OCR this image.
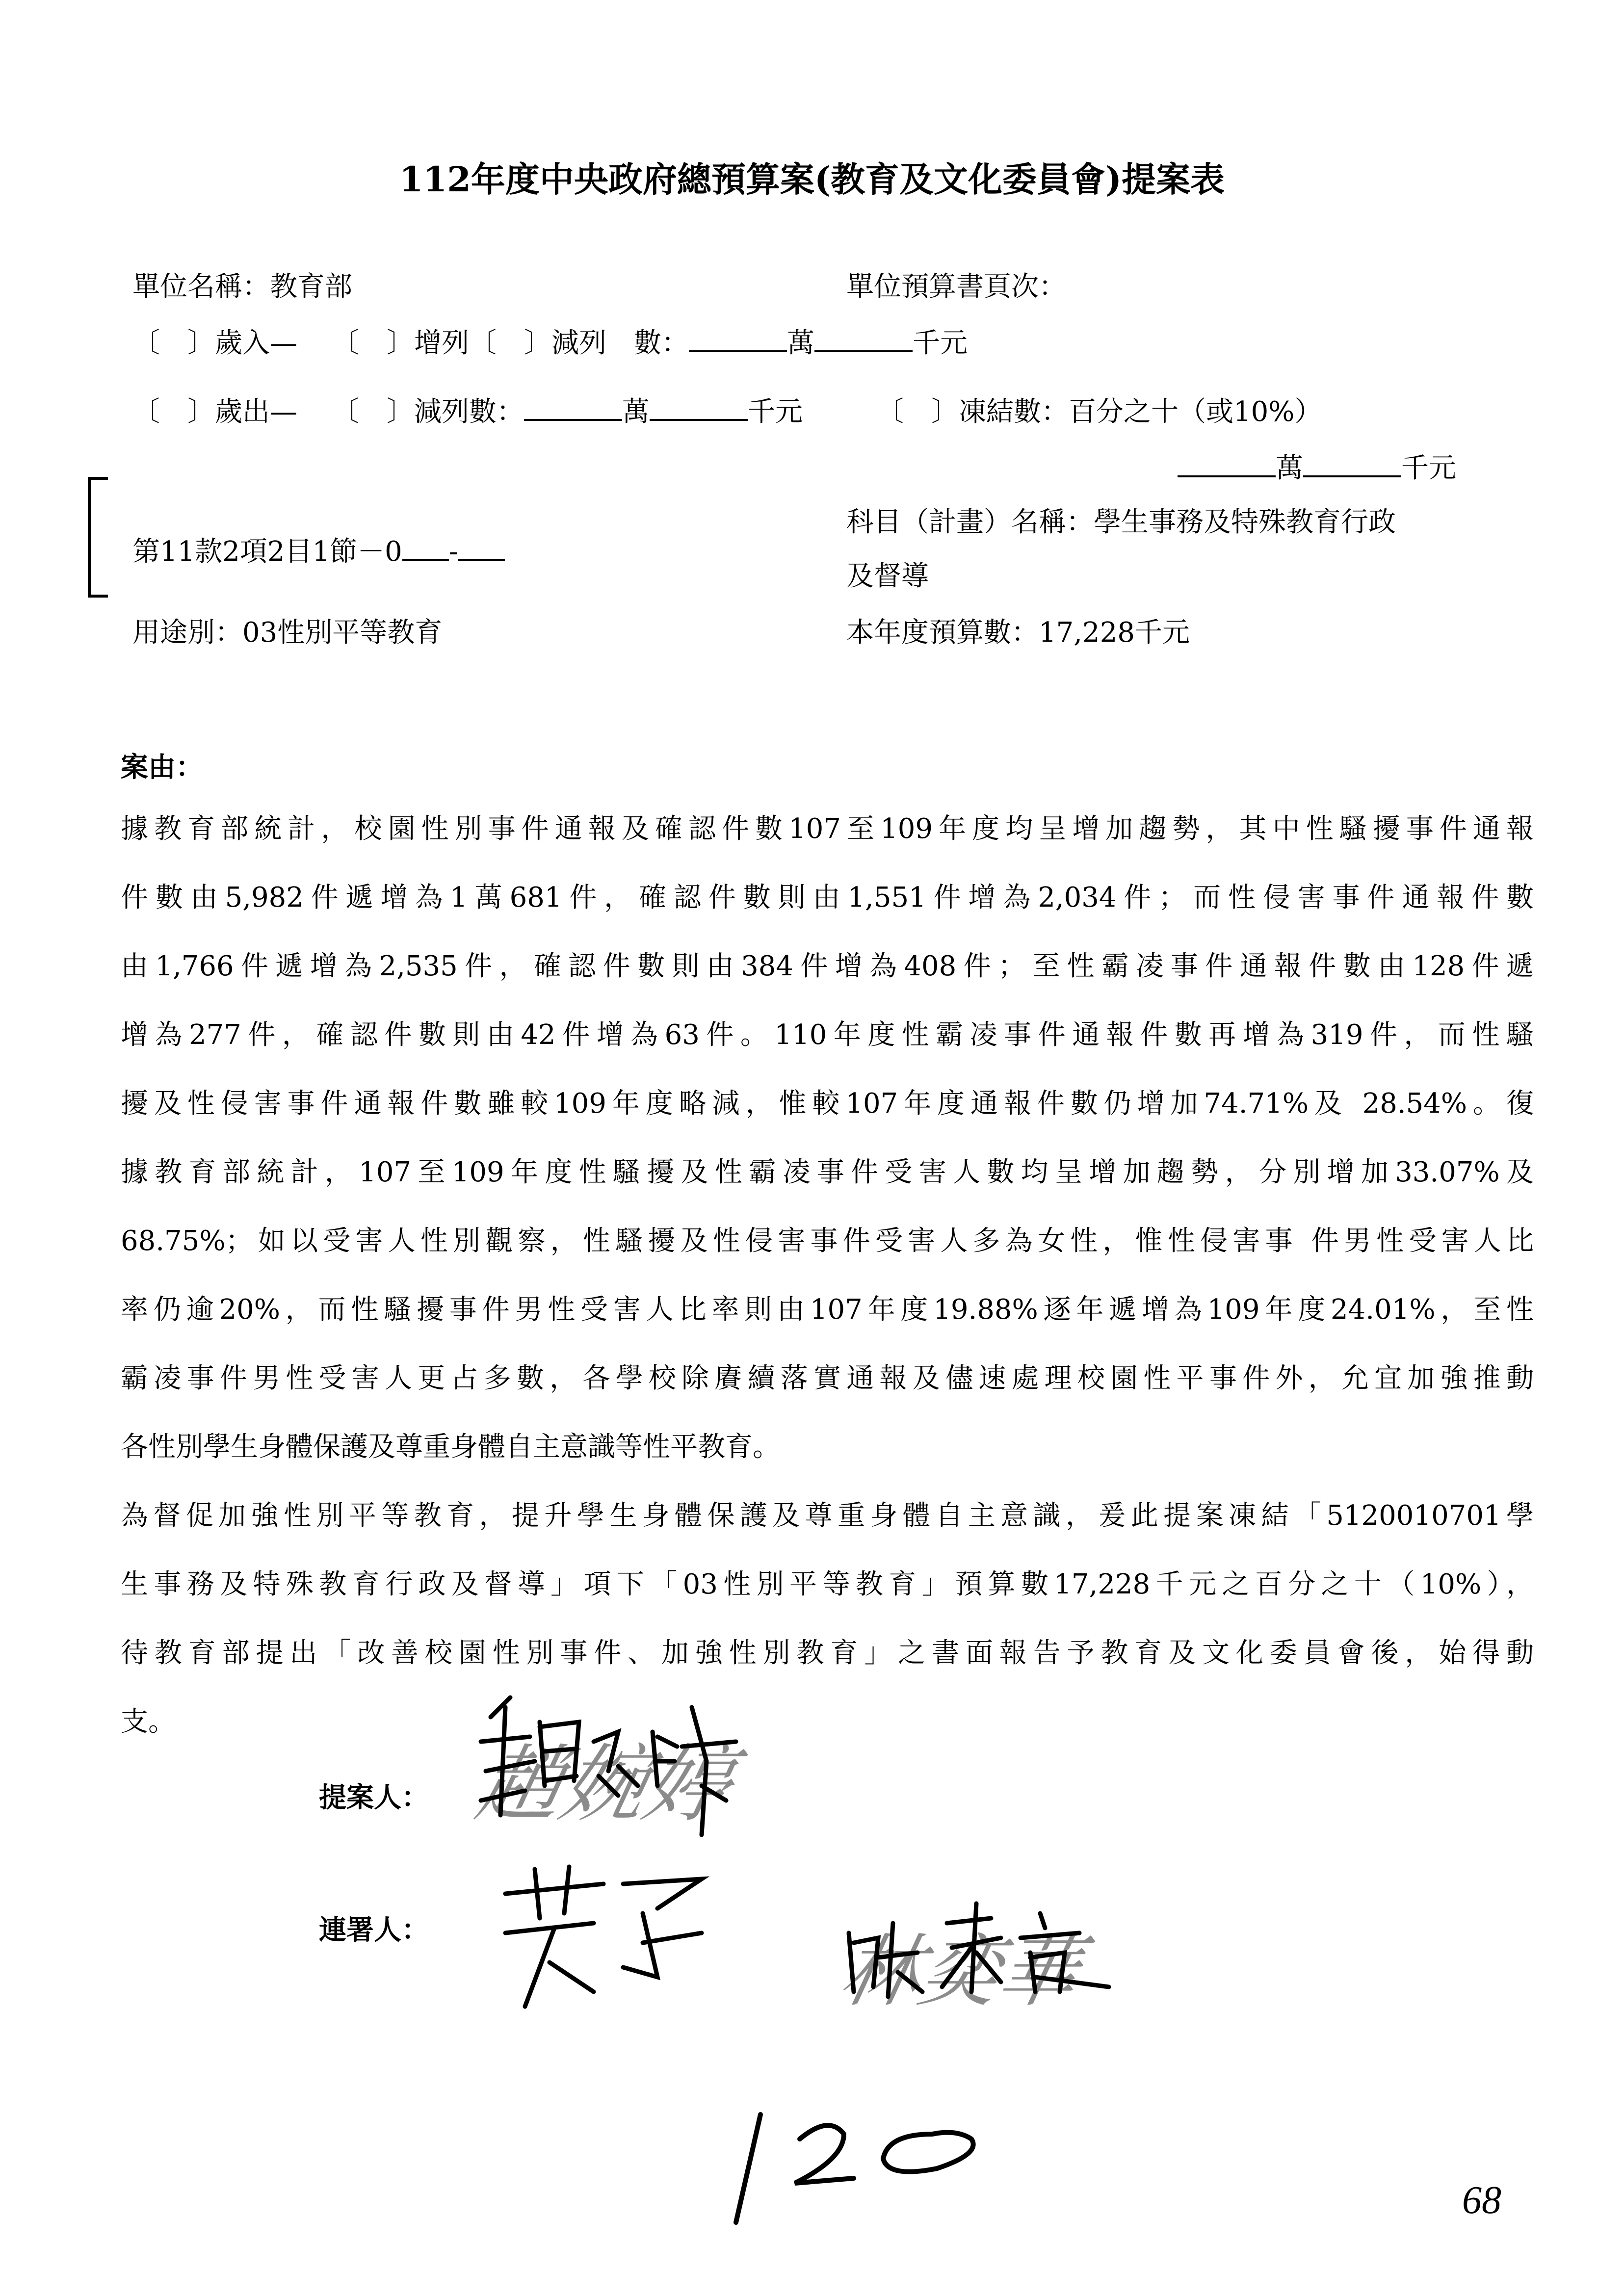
112年度中央政府總預算案(教育及文化委員會)提案表
單位名稱：教育部	單位預算書頁次：
〔　〕歲入— 〔　〕增列〔　〕減列　數：	萬	千元
〔　〕歲出— 〔　〕減列數：	萬	千元	〔　〕凍結數：百分之十（或10%）
萬	千元
第11款2項2目1節－0 -
科目（計畫）名稱：學生事務及特殊教育行政
及督導
用途別：03性別平等教育	本年度預算數：17,228千元
案由：
據教育部統計，校園性別事件通報及確認件數107至109年度均呈增加趨勢，其中性騷擾事件通報
件數由5,982件遞增為1萬681件，確認件數則由1,551件增為2,034件；而性侵害事件通報件數
由1,766件遞增為2,535件，確認件數則由384件增為408件；至性霸凌事件通報件數由128件遞
增為277件，確認件數則由42件增為63件。110年度性霸凌事件通報件數再增為319件，而性騷
擾及性侵害事件通報件數雖較109年度略減，惟較107年度通報件數仍增加74.71%及 28.54%。復
據教育部統計，107至109年度性騷擾及性霸凌事件受害人數均呈增加趨勢，分別增加33.07%及
68.75%；如以受害人性別觀察，性騷擾及性侵害事件受害人多為女性，惟性侵害事 件男性受害人比
率仍逾20%，而性騷擾事件男性受害人比率則由107年度19.88%逐年遞增為109年度24.01%，至性
霸凌事件男性受害人更占多數，各學校除賡續落實通報及儘速處理校園性平事件外，允宜加強推動
各性別學生身體保護及尊重身體自主意識等性平教育。
為督促加強性別平等教育，提升學生身體保護及尊重身體自主意識，爰此提案凍結「5120010701學
生事務及特殊教育行政及督導」項下「03性別平等教育」預算數17,228千元之百分之十（10%），
待教育部提出「改善校園性別事件、加強性別教育」之書面報告予教育及文化委員會後，始得動
支。
提案人：
連署人：
趙婉婷
林奕華
68
